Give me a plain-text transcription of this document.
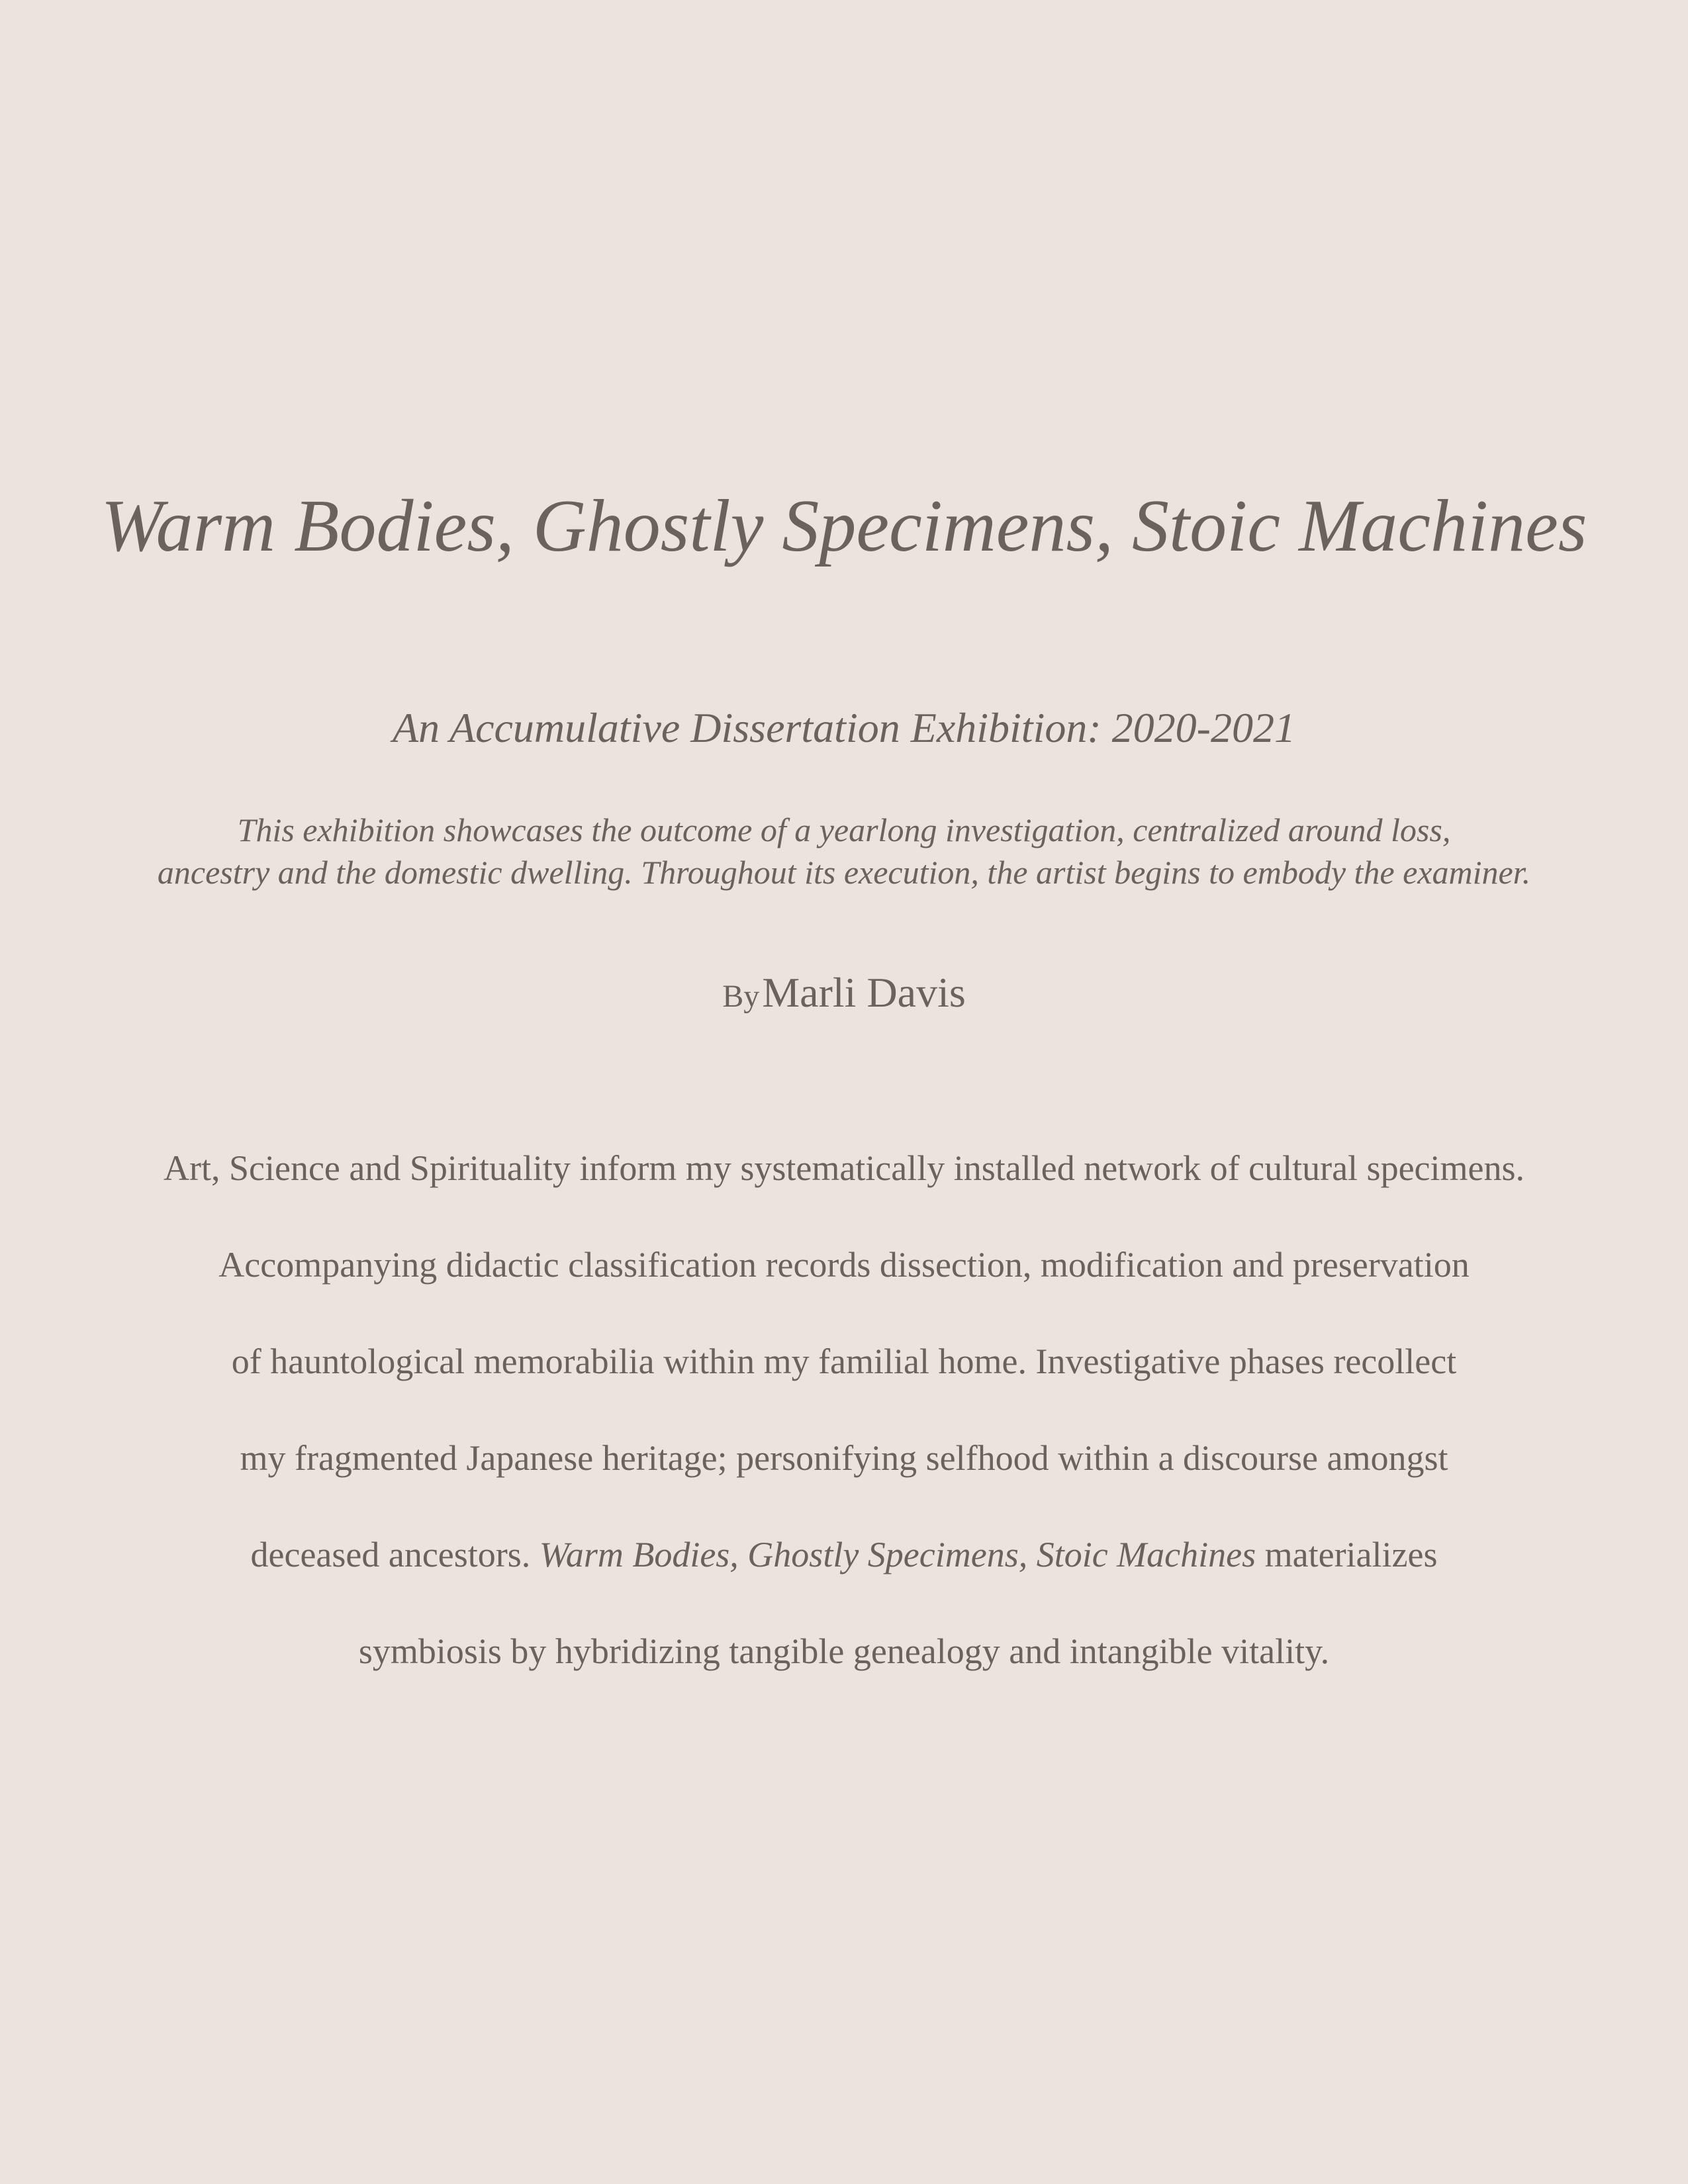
Warm Bodies, Ghostly Specimens, Stoic Machines
An Accumulative Dissertation Exhibition: 2020-2021
This exhibition showcases the outcome of a yearlong investigation, centralized around loss,
ancestry and the domestic dwelling. Throughout its execution, the artist begins to embody the examiner.
By Marli Davis
Art, Science and Spirituality inform my systematically installed network of cultural specimens.
Accompanying didactic classification records dissection, modification and preservation
of hauntological memorabilia within my familial home. Investigative phases recollect
my fragmented Japanese heritage; personifying selfhood within a discourse amongst
deceased ancestors. Warm Bodies, Ghostly Specimens, Stoic Machines materializes
symbiosis by hybridizing tangible genealogy and intangible vitality.
